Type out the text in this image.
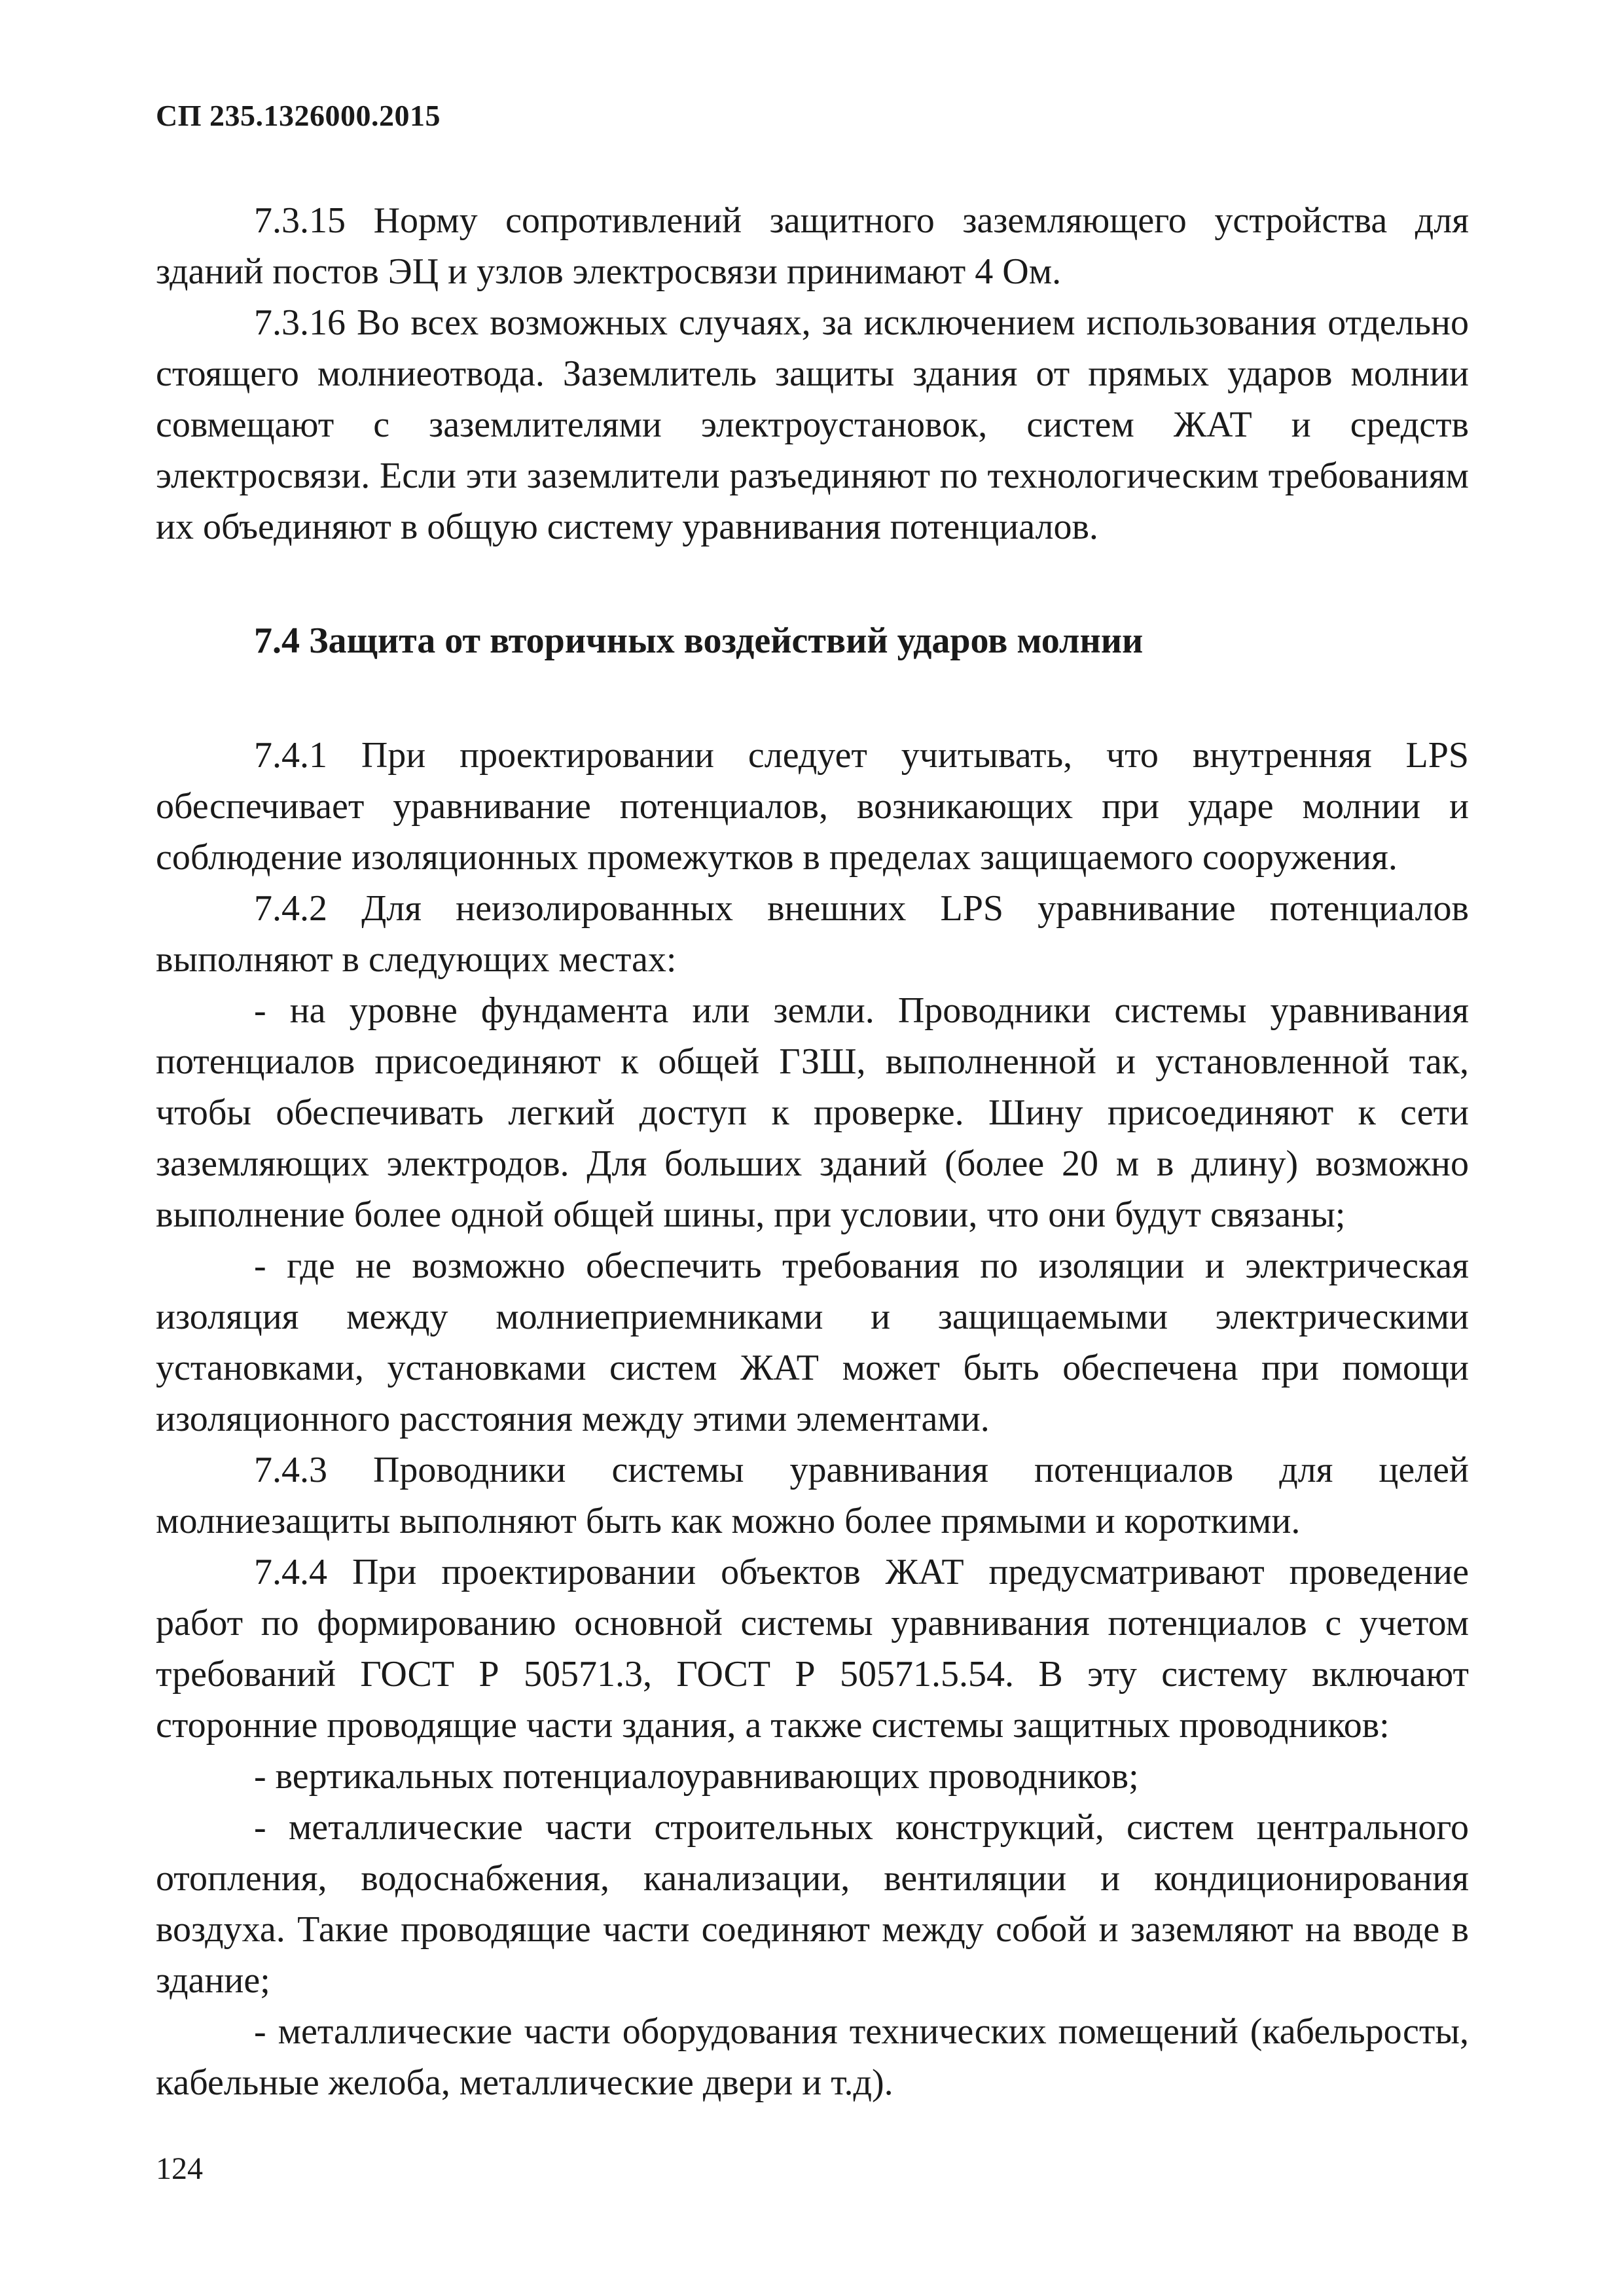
СП 235.1326000.2015

7.3.15 Норму сопротивлений защитного заземляющего устройства для зданий постов ЭЦ и узлов электросвязи принимают 4 Ом.

7.3.16 Во всех возможных случаях, за исключением использования отдельно стоящего молниеотвода. Заземлитель защиты здания от прямых ударов молнии совмещают с заземлителями электроустановок, систем ЖАТ и средств электросвязи. Если эти заземлители разъединяют по технологическим требованиям их объединяют в общую систему уравнивания потенциалов.

7.4 Защита от вторичных воздействий ударов молнии

7.4.1 При проектировании следует учитывать, что внутренняя LPS обеспечивает уравнивание потенциалов, возникающих при ударе молнии и соблюдение изоляционных промежутков в пределах защищаемого сооружения.

7.4.2 Для неизолированных внешних LPS уравнивание потенциалов выполняют в следующих местах:

- на уровне фундамента или земли. Проводники системы уравнивания потенциалов присоединяют к общей ГЗШ, выполненной и установленной так, чтобы обеспечивать легкий доступ к проверке. Шину присоединяют к сети заземляющих электродов. Для больших зданий (более 20 м в длину) возможно выполнение более одной общей шины, при условии, что они будут связаны;

- где не возможно обеспечить требования по изоляции и электрическая изоляция между молниеприемниками и защищаемыми электрическими установками, установками систем ЖАТ может быть обеспечена при помощи изоляционного расстояния между этими элементами.

7.4.3 Проводники системы уравнивания потенциалов для целей молниезащиты выполняют быть как можно более прямыми и короткими.

7.4.4 При проектировании объектов ЖАТ предусматривают проведение работ по формированию основной системы уравнивания потенциалов с учетом требований ГОСТ Р 50571.3, ГОСТ Р 50571.5.54. В эту систему включают сторонние проводящие части здания, а также системы защитных проводников:

- вертикальных потенциалоуравнивающих проводников;

- металлические части строительных конструкций, систем центрального отопления, водоснабжения, канализации, вентиляции и кондиционирования воздуха. Такие проводящие части соединяют между собой и заземляют на вводе в здание;

- металлические части оборудования технических помещений (кабельросты, кабельные желоба, металлические двери и т.д).

124
